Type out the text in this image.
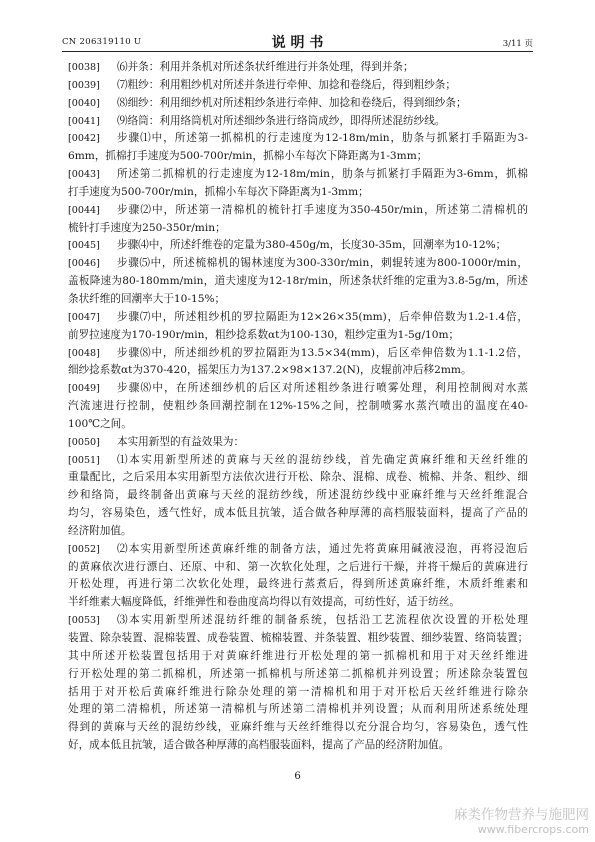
CN 206319110 U	说 明 书	3/11 页
[0038] ⑹并条：利用并条机对所述条状纤维进行并条处理，得到并条；
[0039] ⑺粗纱：利用粗纱机对所述并条进行牵伸、加捻和卷绕后，得到粗纱条；
[0040] ⑻细纱：利用细纱机对所述粗纱条进行牵伸、加捻和卷绕后，得到细纱条；
[0041] ⑼络筒：利用络筒机对所述细纱条进行络筒成纱，即得所述混纺纱线。
[0042] 步骤⑴中，所述第一抓棉机的行走速度为12-18m/min，肋条与抓紧打手隔距为3-
6mm，抓棉打手速度为500-700r/min，抓棉小车每次下降距离为1-3mm；
[0043] 所述第二抓棉机的行走速度为12-18m/min，肋条与抓紧打手隔距为3-6mm，抓棉
打手速度为500-700r/min，抓棉小车每次下降距离为1-3mm；
[0044] 步骤⑵中，所述第一清棉机的梳针打手速度为350-450r/min，所述第二清棉机的
梳针打手速度为250-350r/min；
[0045] 步骤⑷中，所述纤维卷的定量为380-450g/m，长度30-35m，回潮率为10-12%；
[0046] 步骤⑸中，所述梳棉机的锡林速度为300-330r/min，刺辊转速为800-1000r/min，
盖板降速为80-180mm/min，道夫速度为12-18r/min，所述条状纤维的定重为3.8-5g/m，所述
条状纤维的回潮率大于10-15%；
[0047] 步骤⑺中，所述粗纱机的罗拉隔距为12×26×35(mm)，后牵伸倍数为1.2-1.4倍，
前罗拉速度为170-190r/min，粗纱捻系数αt为100-130，粗纱定重为1-5g/10m；
[0048] 步骤⑻中，所述细纱机的罗拉隔距为13.5×34(mm)，后区牵伸倍数为1.1-1.2倍，
细纱捻系数αt为370-420，摇架压力为137.2×98×137.2(N)，皮辊前冲后移2mm。
[0049] 步骤⑻中，在所述细纱机的后区对所述粗纱条进行喷雾处理，利用控制阀对水蒸
汽流速进行控制，使粗纱条回潮控制在12%-15%之间，控制喷雾水蒸汽喷出的温度在40-
100℃之间。
[0050] 本实用新型的有益效果为：
[0051] ⑴本实用新型所述的黄麻与天丝的混纺纱线，首先确定黄麻纤维和天丝纤维的
重量配比，之后采用本实用新型方法依次进行开松、除杂、混棉、成卷、梳棉、并条、粗纱、细
纱和络筒，最终制备出黄麻与天丝的混纺纱线，所述混纺纱线中亚麻纤维与天丝纤维混合
均匀，容易染色，透气性好，成本低且抗皱，适合做各种厚薄的高档服装面料，提高了产品的
经济附加值。
[0052] ⑵本实用新型所述黄麻纤维的制备方法，通过先将黄麻用碱液浸泡，再将浸泡后
的黄麻依次进行漂白、还原、中和、第一次软化处理，之后进行干燥，并将干燥后的黄麻进行
开松处理，再进行第二次软化处理，最终进行蒸煮后，得到所述黄麻纤维，木质纤维素和
半纤维素大幅度降低，纤维弹性和卷曲度高均得以有效提高，可纺性好，适于纺丝。
[0053] ⑶本实用新型所述混纺纤维的制备系统，包括沿工艺流程依次设置的开松处理
装置、除杂装置、混棉装置、成卷装置、梳棉装置、并条装置、粗纱装置、细纱装置、络筒装置；
其中所述开松装置包括用于对黄麻纤维进行开松处理的第一抓棉机和用于对天丝纤维进
行开松处理的第二抓棉机，所述第一抓棉机与所述第二抓棉机并列设置；所述除杂装置包
括用于对开松后黄麻纤维进行除杂处理的第一清棉机和用于对开松后天丝纤维进行除杂
处理的第二清棉机，所述第一清棉机与所述第二清棉机并列设置；从而利用所述系统处理
得到的黄麻与天丝的混纺纱线，亚麻纤维与天丝纤维得以充分混合均匀，容易染色，透气性
好，成本低且抗皱，适合做各种厚薄的高档服装面料，提高了产品的经济附加值。
6
麻类作物营养与施肥网
www.fibercrops.com
